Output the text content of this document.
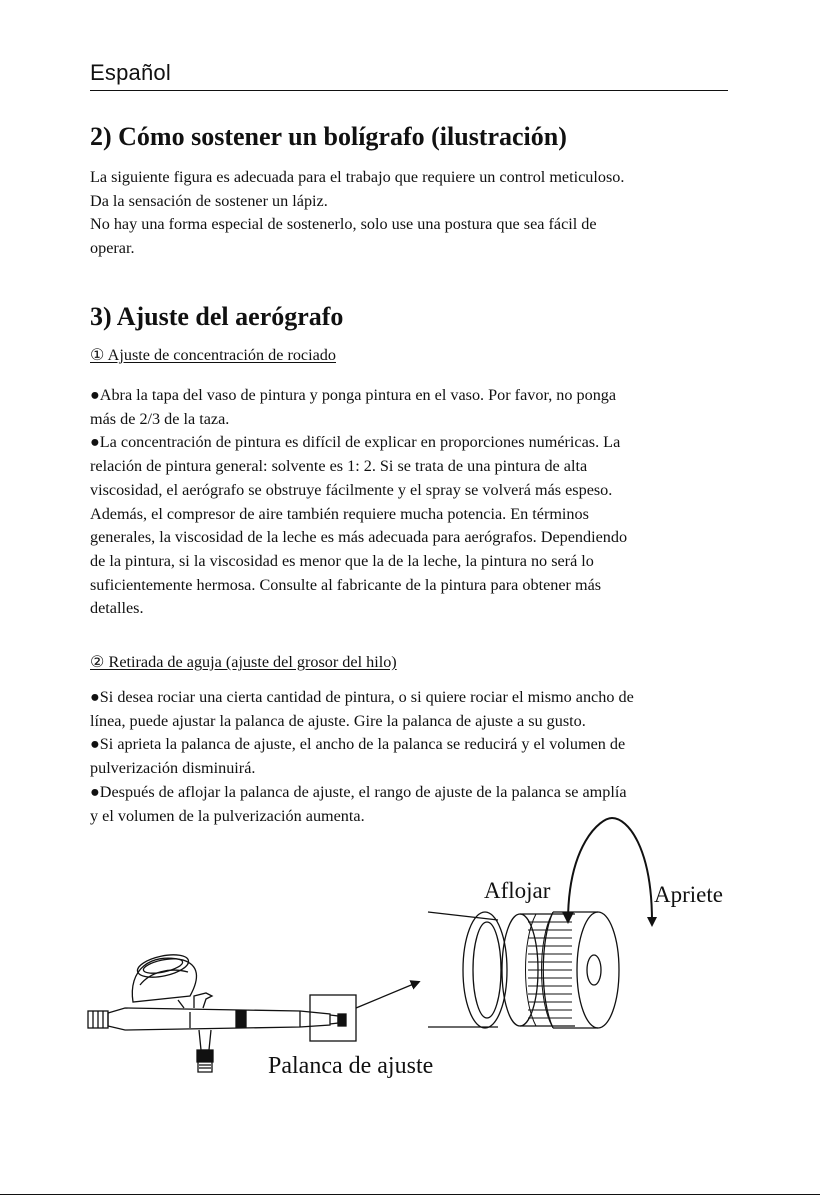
Español
2) Cómo sostener un bolígrafo (ilustración)

La siguiente figura es adecuada para el trabajo que requiere un control meticuloso.

Da la sensación de sostener un lápiz.

No hay una forma especial de sostenerlo, solo use una postura que sea fácil de

operar.

3) Ajuste del aerógrafo
① Ajuste de concentración de rociado

●Abra la tapa del vaso de pintura y ponga pintura en el vaso. Por favor, no ponga

más de 2/3 de la taza.

●La concentración de pintura es difícil de explicar en proporciones numéricas. La

relación de pintura general: solvente es 1: 2. Si se trata de una pintura de alta

viscosidad, el aerógrafo se obstruye fácilmente y el spray se volverá más espeso.

Además, el compresor de aire también requiere mucha potencia. En términos

generales, la viscosidad de la leche es más adecuada para aerógrafos. Dependiendo

de la pintura, si la viscosidad es menor que la de la leche, la pintura no será lo

suficientemente hermosa. Consulte al fabricante de la pintura para obtener más

detalles.

② Retirada de aguja (ajuste del grosor del hilo)

●Si desea rociar una cierta cantidad de pintura, o si quiere rociar el mismo ancho de

línea, puede ajustar la palanca de ajuste. Gire la palanca de ajuste a su gusto.

●Si aprieta la palanca de ajuste, el ancho de la palanca se reducirá y el volumen de

pulverización disminuirá.

●Después de aflojar la palanca de ajuste, el rango de ajuste de la palanca se amplía

y el volumen de la pulverización aumenta.

Aflojar	Apriete
Palanca de ajuste
